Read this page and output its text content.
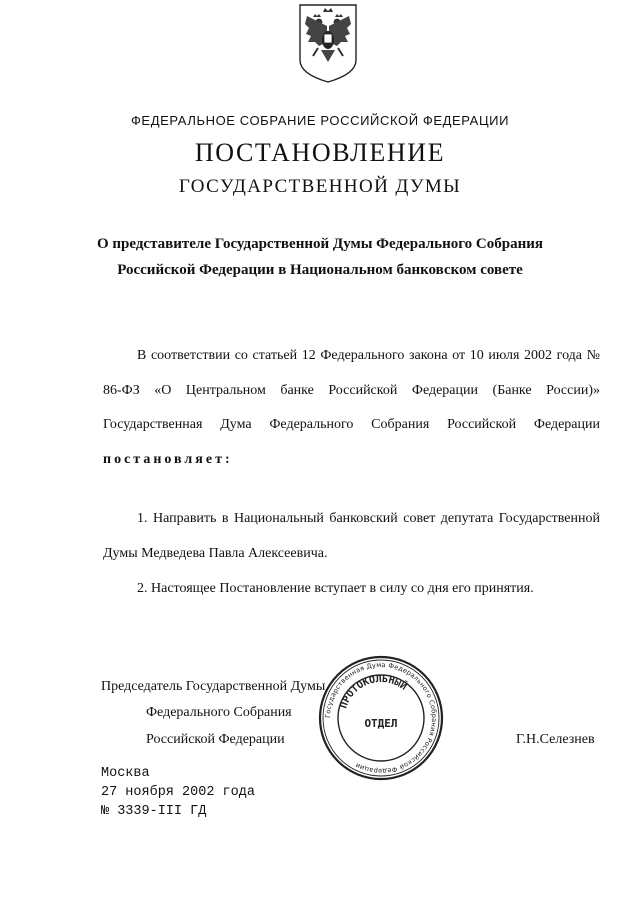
ФЕДЕРАЛЬНОЕ СОБРАНИЕ РОССИЙСКОЙ ФЕДЕРАЦИИ
ПОСТАНОВЛЕНИЕ
ГОСУДАРСТВЕННОЙ ДУМЫ
О представителе Государственной Думы Федерального Собрания
Российской Федерации в Национальном банковском совете
В соответствии со статьей 12 Федерального закона от 10 июля 2002 года № 86-ФЗ «О Центральном банке Российской Федерации (Банке России)» Государственная Дума Федерального Собрания Российской Федерации постановляет:
1. Направить в Национальный банковский совет депутата Государственной Думы Медведева Павла Алексеевича.
2. Настоящее Постановление вступает в силу со дня его принятия.
Председатель Государственной Думы
Федерального Собрания
Российской Федерации	Г.Н.Селезнев
Государственная Дума Федерального Собрания Российской Федерации
ПРОТОКОЛЬНЫЙ
ОТДЕЛ
Москва
27 ноября 2002 года
№ 3339-III ГД
